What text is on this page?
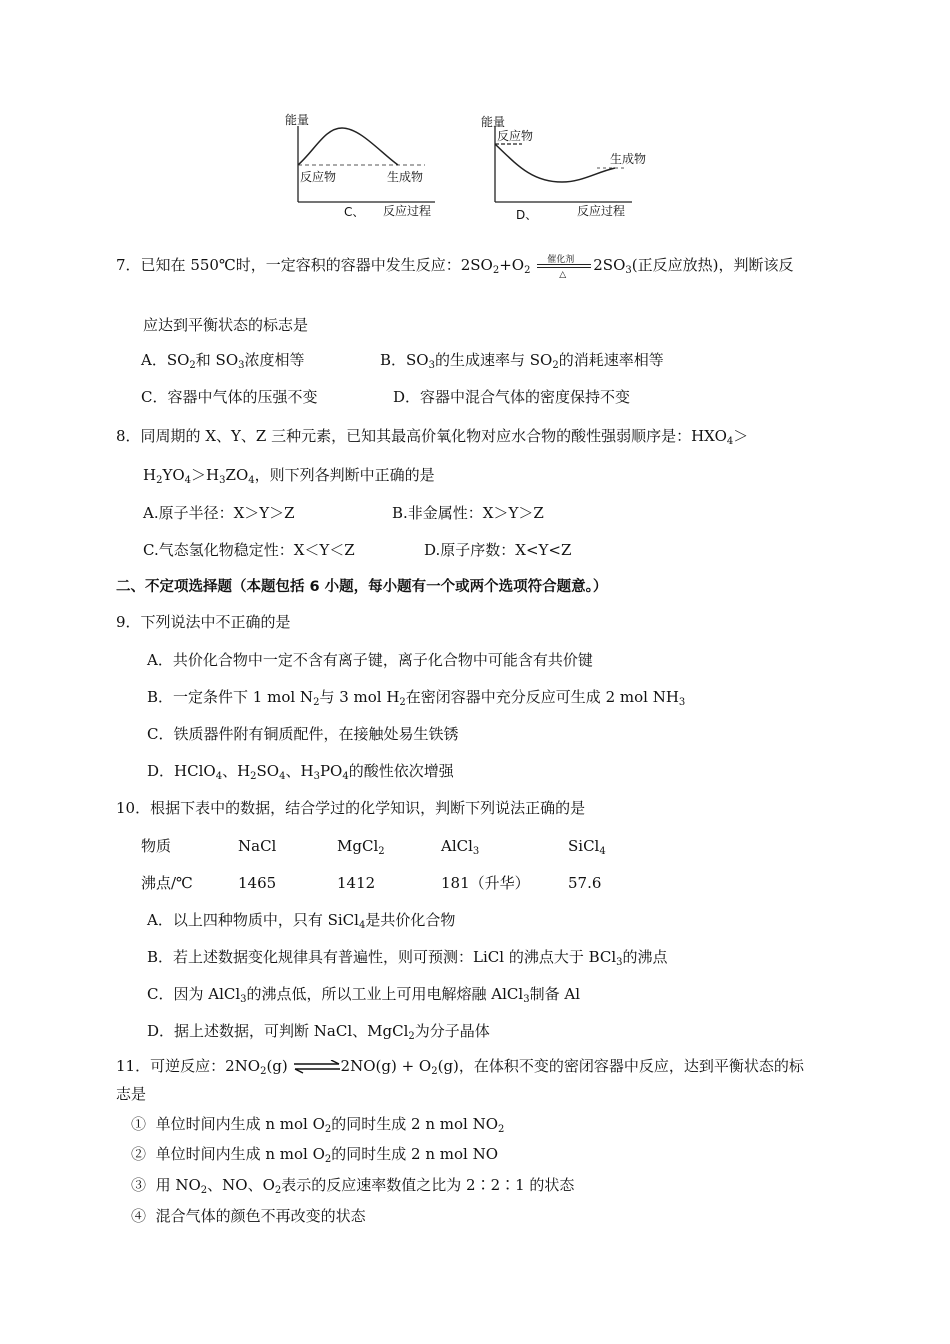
能量
反应物	生成物
C、 反应过程
能量
反应物
生成物
D、	反应过程
7．已知在 550℃时，一定容积的容器中发生反应：$2SO_2+O_2$
催化剂
△
$2SO_3$(正反应放热)，判断该反
应达到平衡状态的标志是
A．$SO_2$和 $SO_3$浓度相等	B．$SO_3$的生成速率与 $SO_2$的消耗速率相等
C．容器中气体的压强不变	D．容器中混合气体的密度保持不变
8．同周期的 X、Y、Z 三种元素，已知其最高价氧化物对应水合物的酸性强弱顺序是：$HXO_4>$
$H_2YO_4>H_3ZO_4$，则下列各判断中正确的是
A.原子半径：X＞Y＞Z	B.非金属性：X＞Y＞Z
C.气态氢化物稳定性：X＜Y＜Z	D.原子序数：X<Y<Z
二、不定项选择题（本题包括 6 小题，每小题有一个或两个选项符合题意。）
9．下列说法中不正确的是
A．共价化合物中一定不含有离子键，离子化合物中可能含有共价键
B．一定条件下 1 mol $N_2$与 3 mol $H_2$在密闭容器中充分反应可生成 2 mol $NH_3$
C．铁质器件附有铜质配件，在接触处易生铁锈
D．HClO$_4$、$H_2SO_4$、$H_3PO_4$的酸性依次增强
10．根据下表中的数据，结合学过的化学知识，判断下列说法正确的是
物质	NaCl	MgCl$_2$	AlCl$_3$	SiCl$_4$
沸点/℃	1465	1412	181（升华）	57.6
A．以上四种物质中，只有 SiCl$_4$是共价化合物
B．若上述数据变化规律具有普遍性，则可预测：LiCl 的沸点大于 BCl$_3$的沸点
C．因为 AlCl$_3$的沸点低，所以工业上可用电解熔融 AlCl$_3$制备 Al
D．据上述数据，可判断 NaCl、MgCl$_2$为分子晶体
11．可逆反应：$2NO_2(g)$ ⇌2NO(g) + $O_2(g)$，在体积不变的密闭容器中反应，达到平衡状态的标
志是
① 单位时间内生成 n mol $O_2$的同时生成 2 n mol $NO_2$
② 单位时间内生成 n mol $O_2$的同时生成 2 n mol NO
③ 用 $NO_2$、NO、$O_2$表示的反应速率数值之比为 2∶2∶1 的状态
④ 混合气体的颜色不再改变的状态
